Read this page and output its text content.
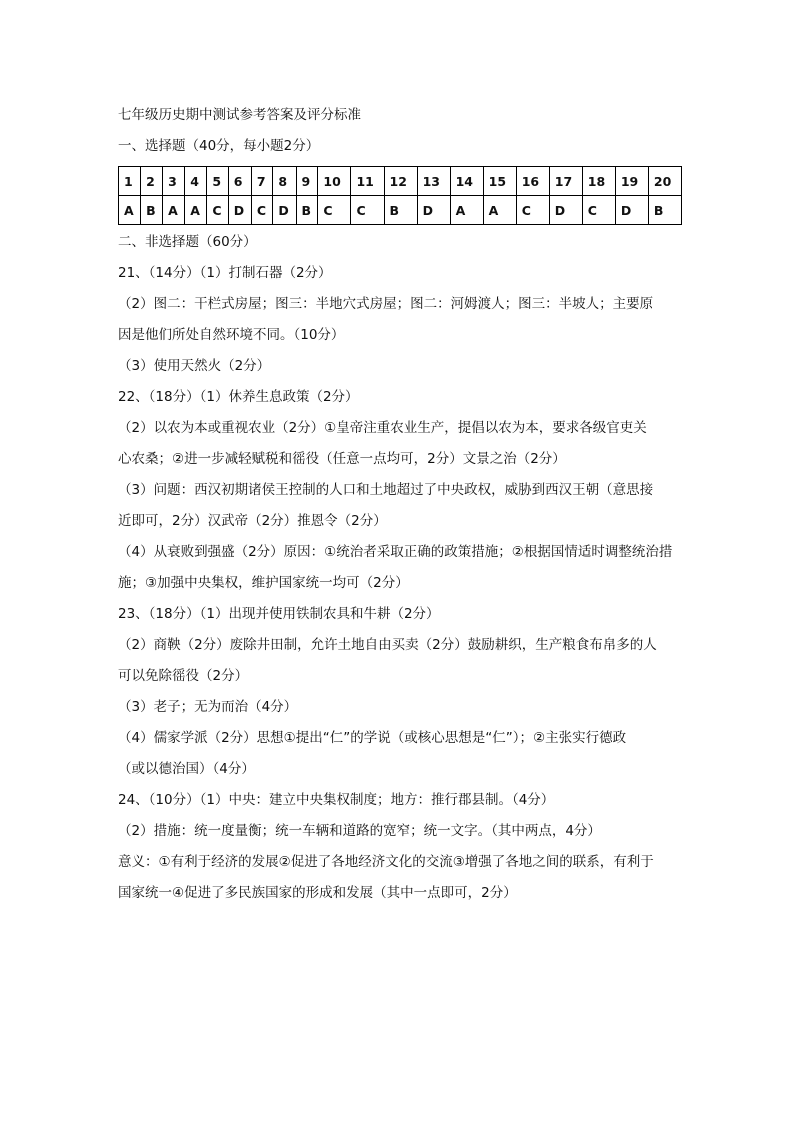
七年级历史期中测试参考答案及评分标准
一、选择题（40分，每小题2分）
1	2	3	4	5	6	7	8	9	10	11	12	13	14	15	16	17	18	19	20
A	B	A	A	C	D	C	D	B	C	C	B	D	A	A	C	D	C	D	B
二、非选择题（60分）
21、（14分）（1）打制石器（2分）
（2）图二：干栏式房屋；图三：半地穴式房屋；图二：河姆渡人；图三：半坡人；主要原
因是他们所处自然环境不同。（10分）
（3）使用天然火（2分）
22、（18分）（1）休养生息政策（2分）
（2）以农为本或重视农业（2分）①皇帝注重农业生产，提倡以农为本，要求各级官吏关
心农桑；②进一步减轻赋税和徭役（任意一点均可，2分）文景之治（2分）
（3）问题：西汉初期诸侯王控制的人口和土地超过了中央政权，威胁到西汉王朝（意思接
近即可，2分）汉武帝（2分）推恩令（2分）
（4）从衰败到强盛（2分）原因：①统治者采取正确的政策措施；②根据国情适时调整统治措
施；③加强中央集权，维护国家统一均可（2分）
23、（18分）（1）出现并使用铁制农具和牛耕（2分）
（2）商鞅（2分）废除井田制，允许土地自由买卖（2分）鼓励耕织，生产粮食布帛多的人
可以免除徭役（2分）
（3）老子；无为而治（4分）
（4）儒家学派（2分）思想①提出“仁”的学说（或核心思想是“仁”）；②主张实行德政
（或以德治国）（4分）
24、（10分）（1）中央：建立中央集权制度；地方：推行郡县制。（4分）
（2）措施：统一度量衡；统一车辆和道路的宽窄；统一文字。（其中两点，4分）
意义：①有利于经济的发展②促进了各地经济文化的交流③增强了各地之间的联系，有利于
国家统一④促进了多民族国家的形成和发展（其中一点即可，2分）
